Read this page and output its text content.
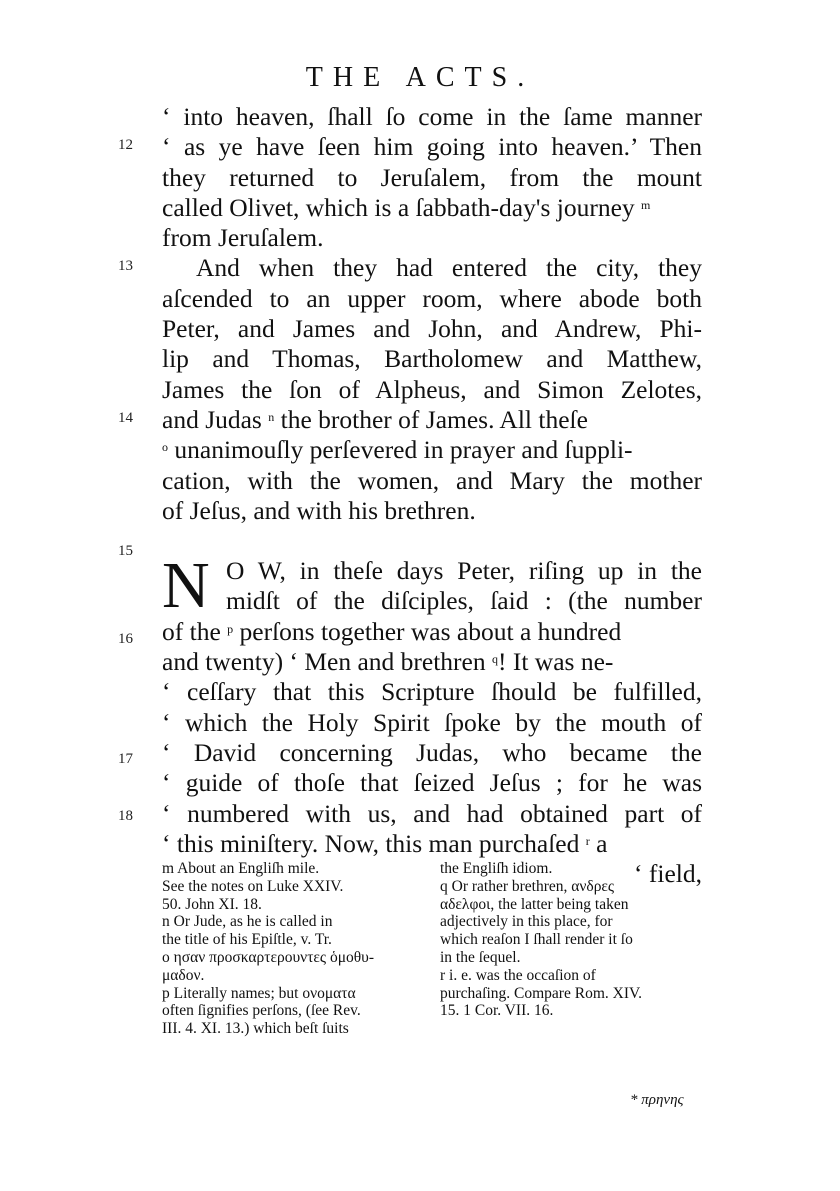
THE ACTS.
12
13
14
15
16
17
18
‘ into heaven, ſhall ſo come in the ſame manner
‘ as ye have ſeen him going into heaven.’ Then
they returned to Jeruſalem, from the mount
called Olivet, which is a ſabbath-day's journey $^m$
from Jeruſalem.
And when they had entered the city, they
aſcended to an upper room, where abode both
Peter, and James and John, and Andrew, Phi-
lip and Thomas, Bartholomew and Matthew,
James the ſon of Alpheus, and Simon Zelotes,
and Judas $^n$ the brother of James. All theſe
$^o$ unanimouſly perſevered in prayer and ſuppli-
cation, with the women, and Mary the mother
of Jeſus, and with his brethren.
N O W, in theſe days Peter, riſing up in the
midſt of the diſciples, ſaid : (the number
of the $^p$ perſons together was about a hundred
and twenty) ‘ Men and brethren $^q$! It was ne-
‘ ceſſary that this Scripture ſhould be fulfilled,
‘ which the Holy Spirit ſpoke by the mouth of
‘ David concerning Judas, who became the
‘ guide of thoſe that ſeized Jeſus ; for he was
‘ numbered with us, and had obtained part of
‘ this miniſtery. Now, this man purchaſed $^r$ a
‘ field,
m About an Engliſh mile.
See the notes on Luke XXIV.
50. John XI. 18.
n Or Jude, as he is called in
the title of his Epiſtle, v. Tr.
o ησαν προσκαρτερουντες ὁμοθυ-
μαδον.
p Literally names; but ονοματα
often ſignifies perſons, (ſee Rev.
III. 4. XI. 13.) which beſt ſuits
the Engliſh idiom.
q Or rather brethren, ανδρες
αδελφοι, the latter being taken
adjectively in this place, for
which reaſon I ſhall render it ſo
in the ſequel.
r i. e. was the occaſion of
purchaſing. Compare Rom. XIV.
15. 1 Cor. VII. 16.
* πρηνης
